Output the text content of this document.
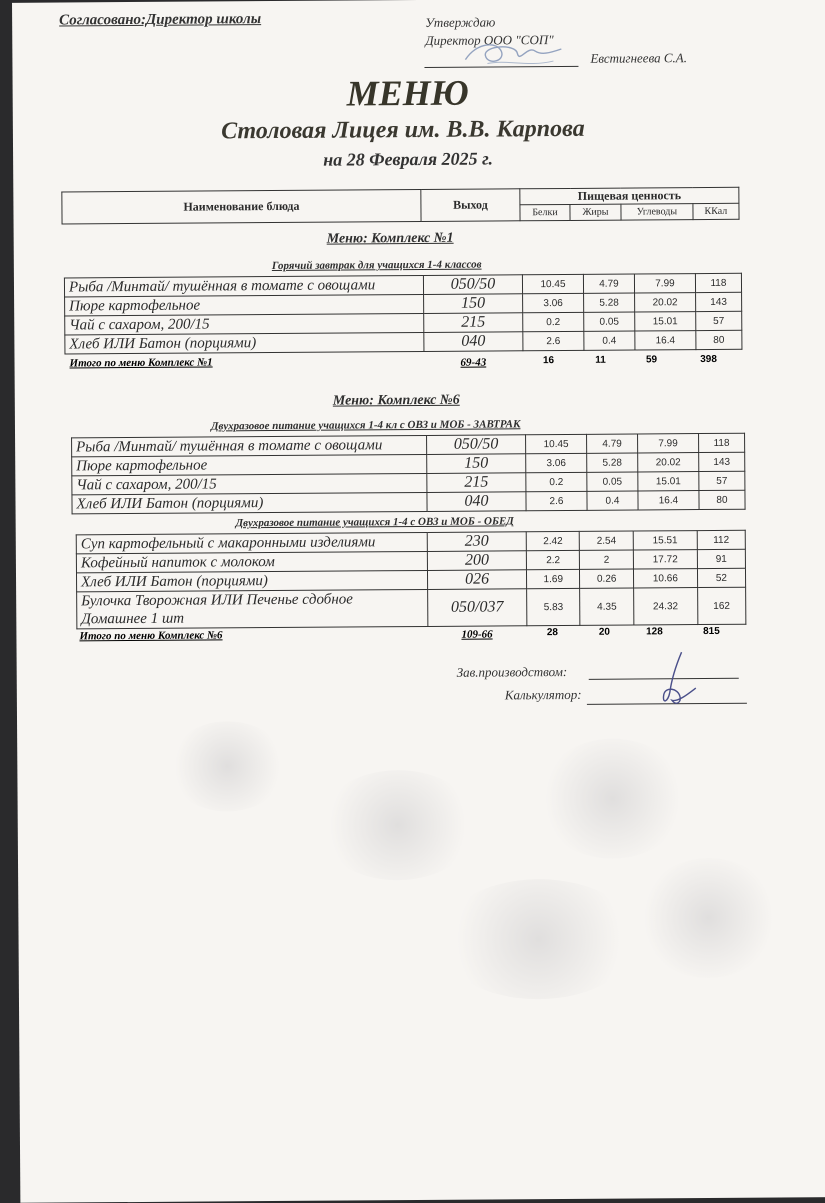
Согласовано:Директор школы	Утверждаю
Директор ООО "СОП"
Евстигнеева С.А.
МЕНЮ
Столовая Лицея им. В.В. Карпова
на 28 Февраля 2025 г.
Наименование блюда	Выход	Пищевая ценность			
		Белки	Жиры	Углеводы	ККал
Меню: Комплекс №1
Горячий завтрак для учащихся 1-4 классов
Рыба /Минтай/ тушённая в томате с овощами	050/50	10.45	4.79	7.99	118
Пюре картофельное	150	3.06	5.28	20.02	143
Чай с сахаром, 200/15	215	0.2	0.05	15.01	57
Хлеб ИЛИ Батон (порциями)	040	2.6	0.4	16.4	80
Итого по меню Комплекс №1	69-43	16	11	59	398
Меню: Комплекс №6
Двухразовое питание учащихся 1-4 кл с ОВЗ и МОБ - ЗАВТРАК
Рыба /Минтай/ тушённая в томате с овощами	050/50	10.45	4.79	7.99	118
Пюре картофельное	150	3.06	5.28	20.02	143
Чай с сахаром, 200/15	215	0.2	0.05	15.01	57
Хлеб ИЛИ Батон (порциями)	040	2.6	0.4	16.4	80
Двухразовое питание учащихся 1-4 с ОВЗ и МОБ - ОБЕД
Суп картофельный с макаронными изделиями	230	2.42	2.54	15.51	112
Кофейный напиток с молоком	200	2.2	2	17.72	91
Хлеб ИЛИ Батон (порциями)	026	1.69	0.26	10.66	52

Булочка Творожная ИЛИ Печенье сдобное
Домашнее 1 шт	050/037	5.83	4.35	24.32	162
Итого по меню Комплекс №6	109-66	28	20	128	815
Зав.производством:
Калькулятор:
